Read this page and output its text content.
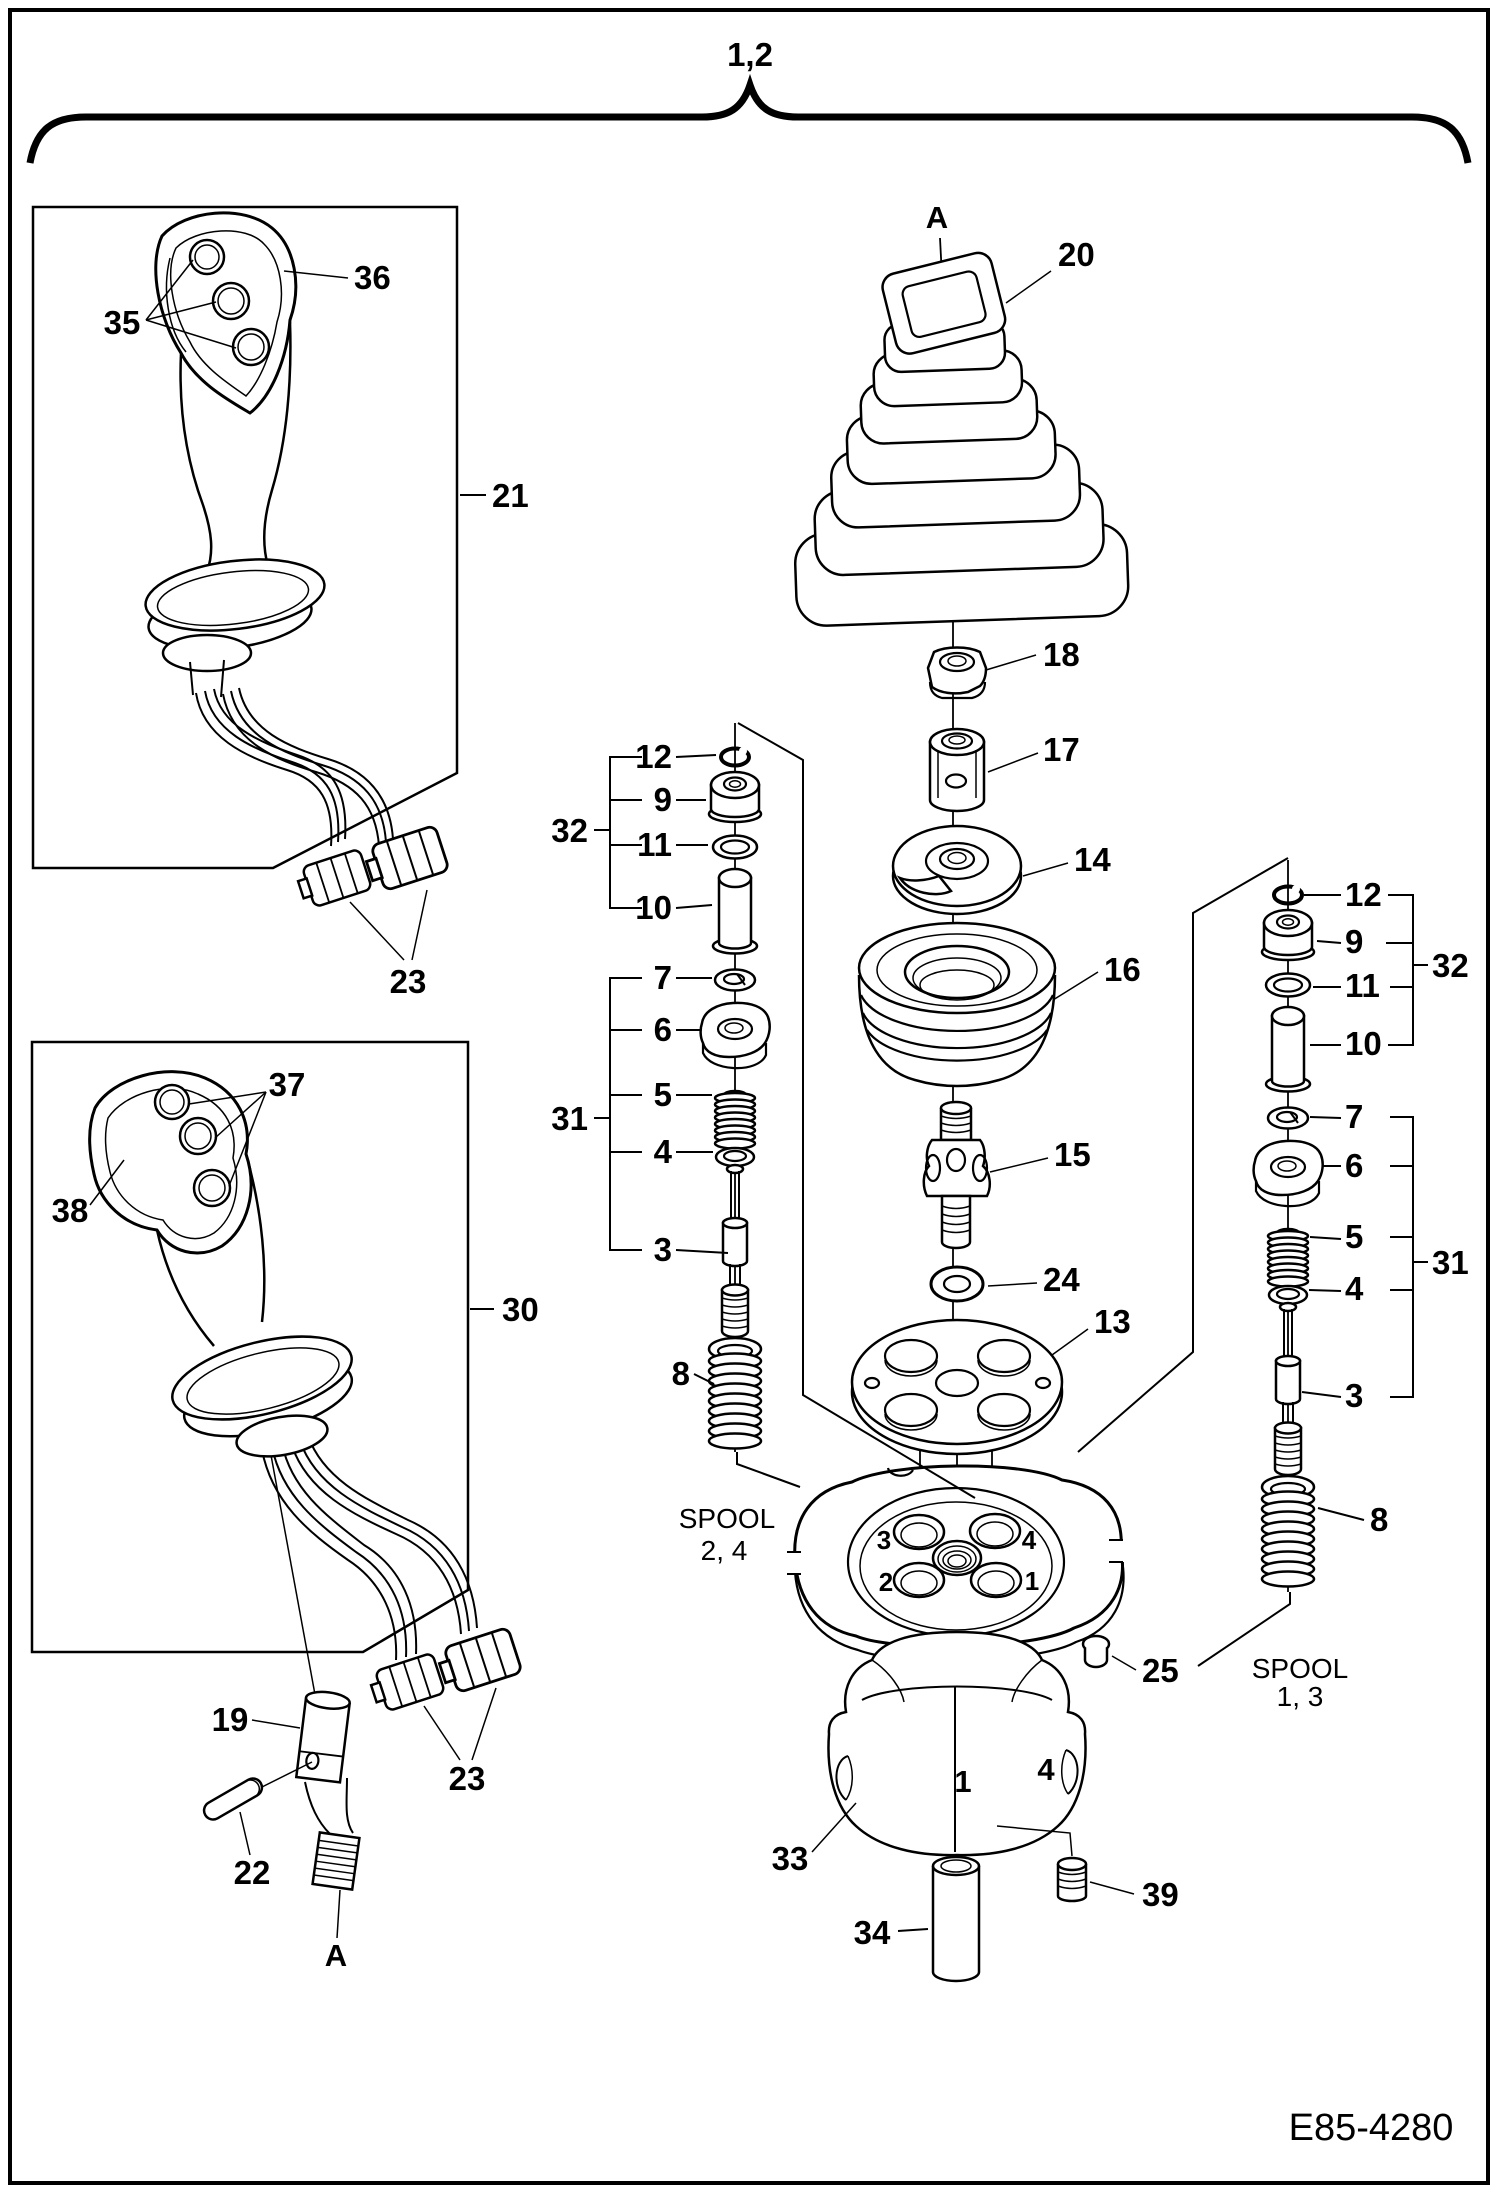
1,2
35
36
21
23
37
38
30
23
19
22
A
A
20
18
17
14
16
15
24
13
3	4
2	1
25
1 4
33
34
39
12
9
11
10
7
6
5
4
3
8
32
31
SPOOL
2, 4
12
9
11
10
7
6
5
4
3
8
32
31
SPOOL
1, 3
E85-4280
